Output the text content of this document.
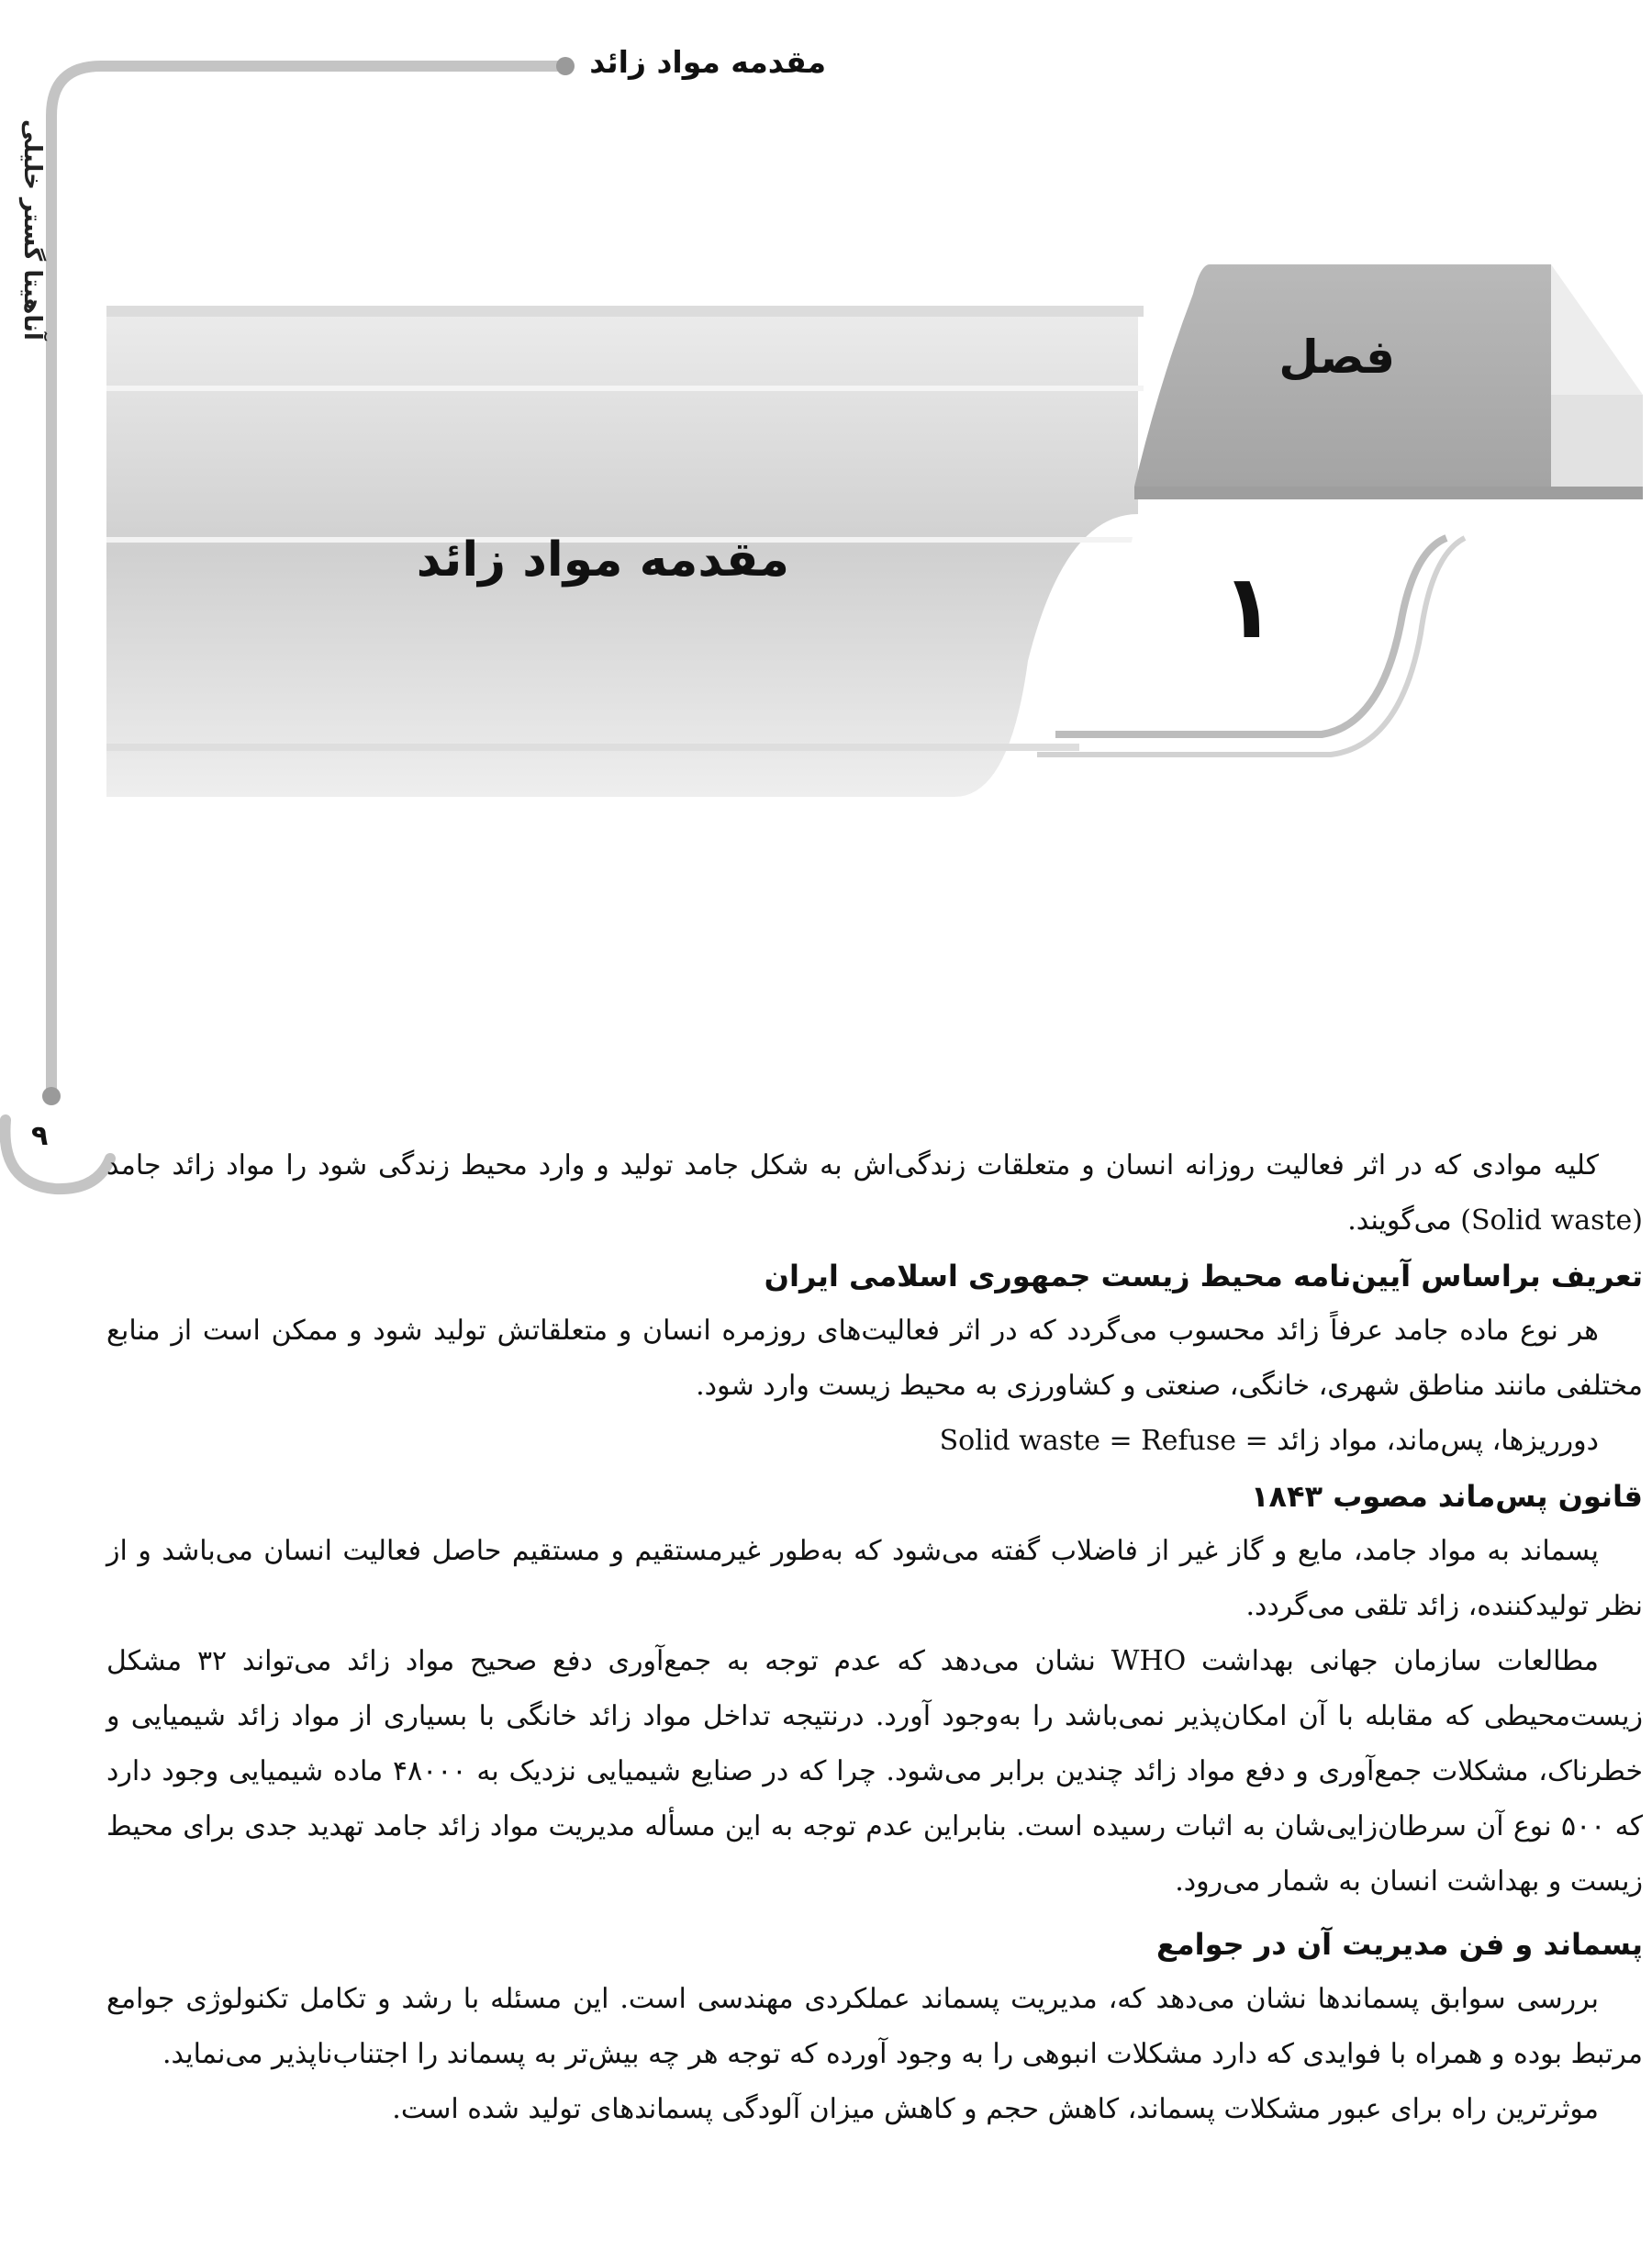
مقدمه مواد زائد
آناهیتا گستر خلیلی
۹
فصل
۱
مقدمه مواد زائد

کلیه موادی که در اثر فعالیت روزانه انسان و متعلقات زندگی‌اش به شکل جامد تولید و وارد محیط زندگی شود را مواد زائد جامد (Solid waste) می‌گویند.

تعریف براساس آیین‌نامه محیط زیست جمهوری اسلامی ایران

هر نوع ماده جامد عرفاً زائد محسوب می‌گردد که در اثر فعالیت‌های روزمره انسان و متعلقاتش تولید شود و ممکن است از منابع مختلفی مانند مناطق شهری، خانگی، صنعتی و کشاورزی به محیط زیست وارد شود.

دورریزها، پس‌ماند، مواد زائد = Solid waste = Refuse

قانون پس‌ماند مصوب ۱۸۴۳

پسماند به مواد جامد، مایع و گاز غیر از فاضلاب گفته می‌شود که به‌طور غیرمستقیم و مستقیم حاصل فعالیت انسان می‌باشد و از نظر تولیدکننده، زائد تلقی می‌گردد.

مطالعات سازمان جهانی بهداشت WHO نشان می‌دهد که عدم توجه به جمع‌آوری دفع صحیح مواد زائد می‌تواند ۳۲ مشکل زیست‌محیطی که مقابله با آن امکان‌پذیر نمی‌باشد را به‌وجود آورد. درنتیجه تداخل مواد زائد خانگی با بسیاری از مواد زائد شیمیایی و خطرناک، مشکلات جمع‌آوری و دفع مواد زائد چندین برابر می‌شود. چرا که در صنایع شیمیایی نزدیک به ۴۸۰۰۰ ماده شیمیایی وجود دارد که ۵۰۰ نوع آن سرطان‌زایی‌شان به اثبات رسیده است. بنابراین عدم توجه به این مسأله مدیریت مواد زائد جامد تهدید جدی برای محیط زیست و بهداشت انسان به شمار می‌رود.

پسماند و فن مدیریت آن در جوامع

بررسی سوابق پسماندها نشان می‌دهد که، مدیریت پسماند عملکردی مهندسی است. این مسئله با رشد و تکامل تکنولوژی جوامع مرتبط بوده و همراه با فوایدی که دارد مشکلات انبوهی را به وجود آورده که توجه هر چه بیش‌تر به پسماند را اجتناب‌ناپذیر می‌نماید.

موثرترین راه برای عبور مشکلات پسماند، کاهش حجم و کاهش میزان آلودگی پسماندهای تولید شده است.
